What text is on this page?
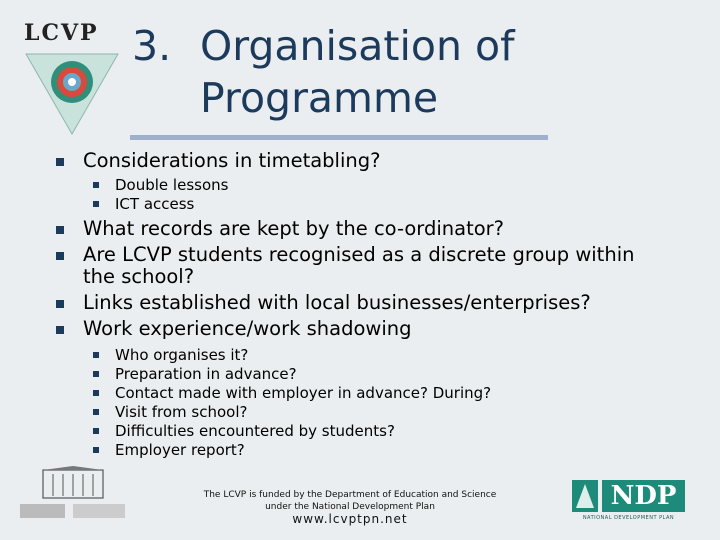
LCVP 3. Organisation of
Programme
Considerations in timetabling?
Double lessons
ICT access
What records are kept by the co-ordinator?
Are LCVP students recognised as a discrete group within the school?
Links established with local businesses/enterprises?
Work experience/work shadowing
Who organises it?
Preparation in advance?
Contact made with employer in advance? During?
Visit from school?
Difficulties encountered by students?
Employer report?
The LCVP is funded by the Department of Education and Science
under the National Development Plan
www.lcvptpn.net
NDP
NATIONAL DEVELOPMENT PLAN
